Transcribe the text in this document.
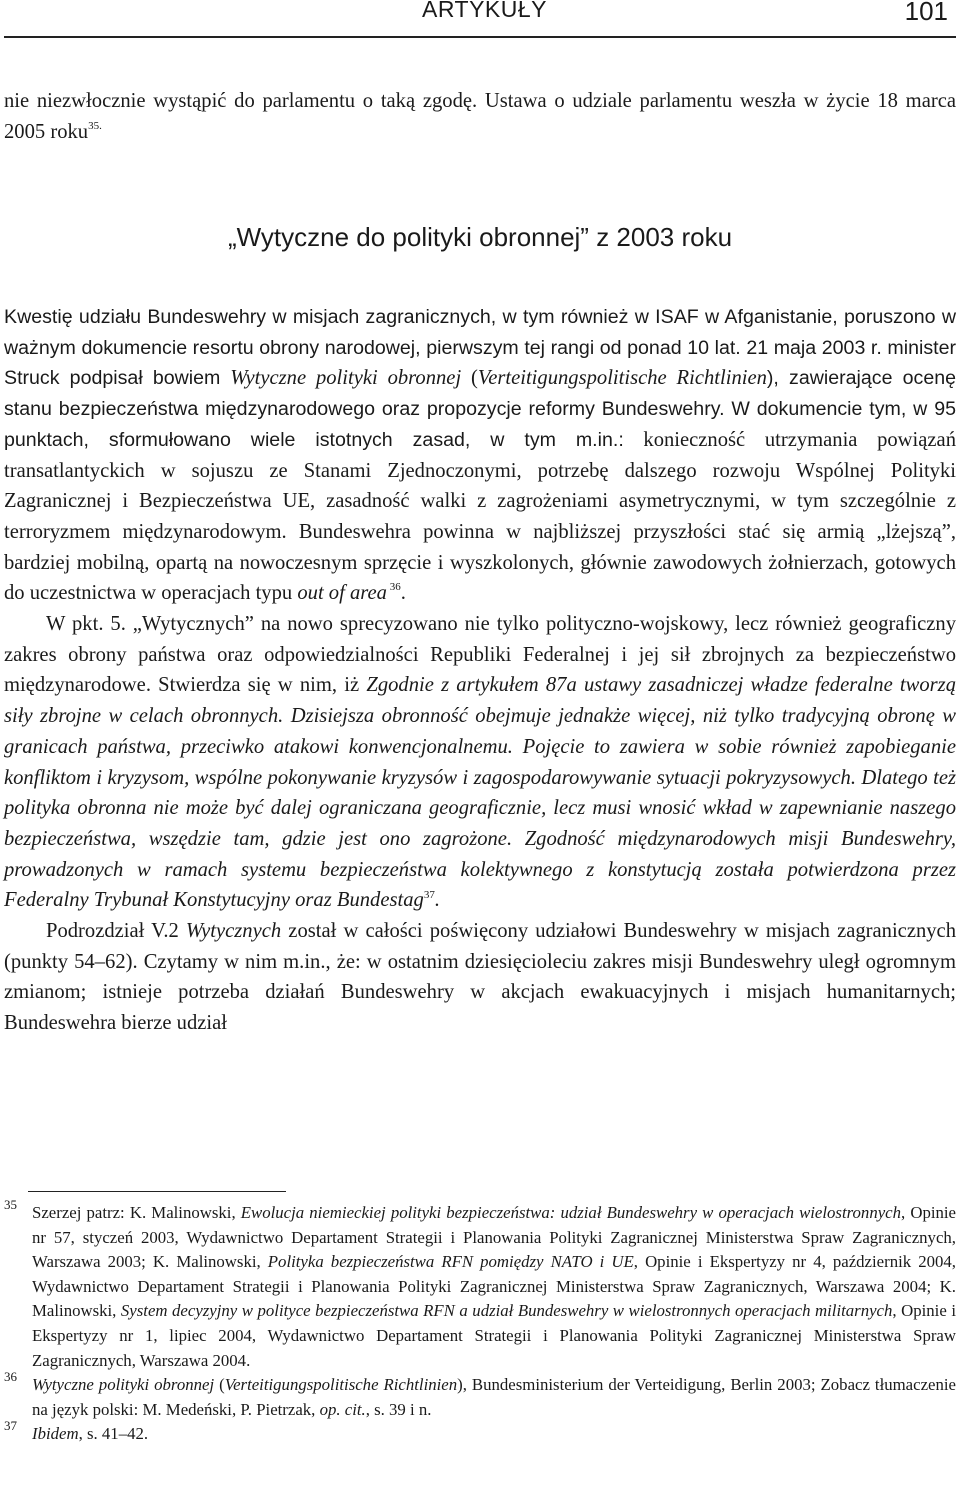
ARTYKUŁY	101

nie niezwłocznie wystąpić do parlamentu o taką zgodę. Ustawa o udziale parlamentu weszła w życie 18 marca 2005 roku$^{35.}$

„Wytyczne do polityki obronnej” z 2003 roku

Kwestię udziału Bundeswehry w misjach zagranicznych, w tym również w ISAF w Afganistanie, poruszono w ważnym dokumencie resortu obrony narodowej, pierwszym tej rangi od ponad 10 lat. 21 maja 2003 r. minister Struck podpisał bowiem Wytyczne polityki obronnej (Verteitigungspolitische Richtlinien), zawierające ocenę stanu bezpieczeństwa międzynarodowego oraz propozycje reformy Bundeswehry. W dokumencie tym, w 95 punktach, sformułowano wiele istotnych zasad, w tym m.in.: konieczność utrzymania powiązań transatlantyckich w sojuszu ze Stanami Zjednoczonymi, potrzebę dalszego rozwoju Wspólnej Polityki Zagranicznej i Bezpieczeństwa UE, zasadność walki z zagrożeniami asymetrycznymi, w tym szczególnie z terroryzmem międzynarodowym. Bundeswehra powinna w najbliższej przyszłości stać się armią „lżejszą”, bardziej mobilną, opartą na nowoczesnym sprzęcie i wyszkolonych, głównie zawodowych żołnierzach, gotowych do uczestnictwa w operacjach typu out of area $^{36}$.

W pkt. 5. „Wytycznych” na nowo sprecyzowano nie tylko polityczno-wojskowy, lecz również geograficzny zakres obrony państwa oraz odpowiedzialności Republiki Federalnej i jej sił zbrojnych za bezpieczeństwo międzynarodowe. Stwierdza się w nim, iż Zgodnie z artykułem 87a ustawy zasadniczej władze federalne tworzą siły zbrojne w celach obronnych. Dzisiejsza obronność obejmuje jednakże więcej, niż tylko tradycyjną obronę w granicach państwa, przeciwko atakowi konwencjonalnemu. Pojęcie to zawiera w sobie również zapobieganie konfliktom i kryzysom, wspólne pokonywanie kryzysów i zagospodarowywanie sytuacji pokryzysowych. Dlatego też polityka obronna nie może być dalej ograniczana geograficznie, lecz musi wnosić wkład w zapewnianie naszego bezpieczeństwa, wszędzie tam, gdzie jest ono zagrożone. Zgodność międzynarodowych misji Bundeswehry, prowadzonych w ramach systemu bezpieczeństwa kolektywnego z konstytucją została potwierdzona przez Federalny Trybunał Konstytucyjny oraz Bundestag$^{37}$.

Podrozdział V.2 Wytycznych został w całości poświęcony udziałowi Bundeswehry w misjach zagranicznych (punkty 54–62). Czytamy w nim m.in., że: w ostatnim dziesięcioleciu zakres misji Bundeswehry uległ ogromnym zmianom; istnieje potrzeba działań Bundeswehry w akcjach ewakuacyjnych i misjach humanitarnych; Bundeswehra bierze udział

35 Szerzej patrz: K. Malinowski, Ewolucja niemieckiej polityki bezpieczeństwa: udział Bundeswehry w operacjach wielostronnych, Opinie nr 57, styczeń 2003, Wydawnictwo Departament Strategii i Planowania Polityki Zagranicznej Ministerstwa Spraw Zagranicznych, Warszawa 2003; K. Malinowski, Polityka bezpieczeństwa RFN pomiędzy NATO i UE, Opinie i Ekspertyzy nr 4, październik 2004, Wydawnictwo Departament Strategii i Planowania Polityki Zagranicznej Ministerstwa Spraw Zagranicznych, Warszawa 2004; K. Malinowski, System decyzyjny w polityce bezpieczeństwa RFN a udział Bundeswehry w wielostronnych operacjach militarnych, Opinie i Ekspertyzy nr 1, lipiec 2004, Wydawnictwo Departament Strategii i Planowania Polityki Zagranicznej Ministerstwa Spraw Zagranicznych, Warszawa 2004.
36 Wytyczne polityki obronnej (Verteitigungspolitische Richtlinien), Bundesministerium der Verteidigung, Berlin 2003; Zobacz tłumaczenie na język polski: M. Medeński, P. Pietrzak, op. cit., s. 39 i n.
37 Ibidem, s. 41–42.
